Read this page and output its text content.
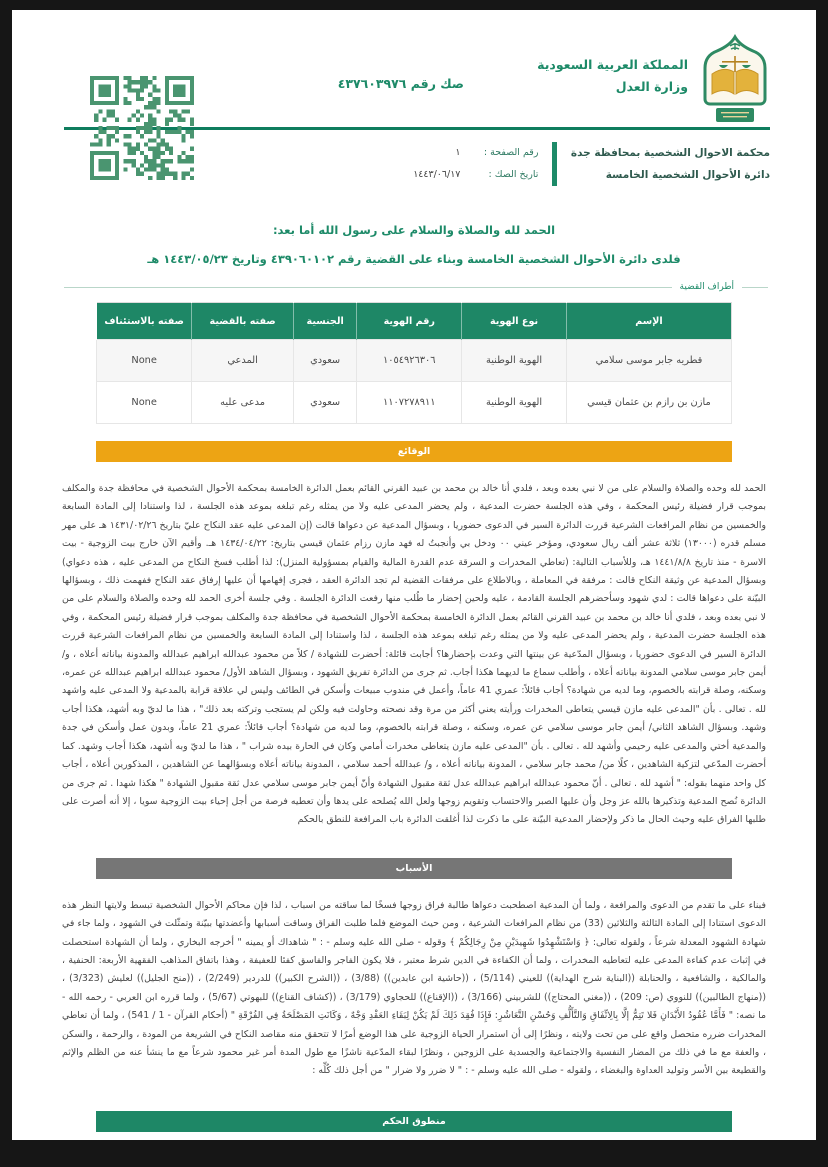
المملكة العربية السعودية
وزارة العدل
صك رقم ٤٣٧٦٠٣٩٧٦
محكمة الاحوال الشخصية بمحافظة جدة
دائرة الأحوال الشخصية الخامسة
رقم الصفحة :
١
تاريخ الصك :
١٤٤٣/٠٦/١٧
الحمد لله والصلاة والسلام على رسول الله أما بعد:
فلدى دائرة الأحوال الشخصية الخامسة وبناء على القضية رقم ٤٣٩٠٦٠١٠٢ وتاريخ ١٤٤٣/٠٥/٢٣ هـ
أطراف القضية
الإسم	نوع الهوية	رقم الهوية	الجنسية	صفته بالقضية	صفته بالاستئناف
قطريه جابر موسى سلامي	الهوية الوطنية	١٠٥٤٩٢٦٣٠٦	سعودي	المدعي	None
مازن بن رازم بن عثمان قيسي	الهوية الوطنية	١١٠٧٢٧٨٩١١	سعودي	مدعى عليه	None
الوقائع
الحمد لله وحده والصلاة والسلام على من لا نبي بعده وبعد ، فلدي أنا خالد بن محمد بن عبيد القرني القائم بعمل الدائرة الخامسة بمحكمة الأحوال الشخصية في محافظة جدة والمكلف بموجب قرار فضيلة رئيس المحكمة ، وفي هذه الجلسة حضرت المدعية ، ولم يحضر المدعى عليه ولا من يمثله رغم تبلغه بموعد هذه الجلسة ، لذا واستنادا إلى المادة السابعة والخمسين من نظام المرافعات الشرعية قررت الدائرة السير في الدعوى حضوريا ، وبسؤال المدعية عن دعواها قالت (إن المدعى عليه عقد النكاح عليّ بتاريخ ١٤٣١/٠٢/٢٦ هـ على مهر مسلم قدره (١٣٠٠٠) ثلاثة عشر ألف ريال سعودي، ومؤخر عيني ٠٠ ودخل بي وأنجبتُ له فهد مازن رزام عثمان قيسي بتاريخ: ١٤٣٤/٠٤/٢٢ هـ. وأقيم الآن خارج بيت الزوجية - بيت الاسرة - منذ تاريخ ١٤٤١/٨/٨ هـ، وللأسباب التالية: (تعاطي المخدرات و السرقة عدم القدرة المالية والقيام بمسؤولية المنزل): لذا أطلب فسخ النكاح من المدعى عليه ، هذه دعواي) وبسؤال المدعية عن وثيقة النكاح قالت : مرفقة في المعاملة ، وبالاطلاع على مرفقات القضية لم تجد الدائرة العقد ، فجرى إفهامها أن عليها إرفاق عقد النكاح ففهمت ذلك ، وبسؤالها البيّنة على دعواها قالت : لدي شهود وسأحضرهم الجلسة القادمة ، عليه ولحين إحضار ما طُلب منها رفعت الدائرة الجلسة . وفي جلسة أخرى الحمد لله وحده والصلاة والسلام على من لا نبي بعده وبعد ، فلدي أنا خالد بن محمد بن عبيد القرني القائم بعمل الدائرة الخامسة بمحكمة الأحوال الشخصية في محافظة جدة والمكلف بموجب قرار فضيلة رئيس المحكمة ، وفي هذه الجلسة حضرت المدعية ، ولم يحضر المدعى عليه ولا من يمثله رغم تبلغه بموعد هذه الجلسة ، لذا واستنادا إلى المادة السابعة والخمسين من نظام المرافعات الشرعية قررت الدائرة السير في الدعوى حضوريا ، وبسؤال المدّعية عن بينتها التي وعدت بإحضارها؟ أجابت قائلة: أحضرت للشهادة / كلاً من محمود عبدالله ابراهيم عبدالله والمدونة بياناته أعلاه ، و/ أيمن جابر موسى سلامي المدونة بياناته أعلاه ، وأطلب سماع ما لديهما هكذا أجاب. ثم جرى من الدائرة تفريق الشهود ، وبسؤال الشاهد الأول/ محمود عبدالله ابراهيم عبدالله عن عمره، وسكنه، وصلة قرابته بالخصوم، وما لديه من شهادة؟ أجاب قائلاً: عمري 41 عاماً، وأعمل في مندوب مبيعات وأسكن في الطائف وليس لي علاقة قرابة بالمدعية ولا المدعى عليه واشهد لله . تعالى . بأن "المدعى عليه مازن قيسي يتعاطى المخدرات ورأيته يعني أكثر من مرة وقد نصحته وحاولت فيه ولكن لم يستجب وتركته بعد ذلك" ، هذا ما لديّ وبه أشهد، هكذا أجاب وشهد. وبسؤال الشاهد الثاني/ أيمن جابر موسى سلامي عن عمره، وسكنه ، وصلة قرابته بالخصوم، وما لديه من شهادة؟ أجاب قائلاً: عمري 21 عاماً، وبدون عمل وأسكن في جدة والمدعية أختي والمدعى عليه رحيمي وأشهد لله . تعالى . بأن "المدعى عليه مازن يتعاطى مخدرات أمامي وكان في الحارة بيده شراب " ، هذا ما لديّ وبه أشهد، هكذا أجاب وشهد. كما أحضرت المدّعي لتزكية الشاهدين ، كلًا من/ محمد جابر سلامي ، المدونة بياناته أعلاه ، و/ عبدالله أحمد سلامي ، المدونة بياناته أعلاه وبسؤالهما عن الشاهدين ، المذكورين أعلاه ، أجاب كل واحد منهما بقوله: " أشهد لله . تعالى . أنّ محمود عبدالله ابراهيم عبدالله عدل ثقة مقبول الشهادة وأنّ أيمن جابر موسى سلامي عدل ثقة مقبول الشهادة " هكذا شهدا . ثم جرى من الدائرة نُصح المدعية وتذكيرها بالله عز وجل وأن عليها الصبر والاحتساب وتقويم زوجها ولعل الله يُصلحه على يدها وأن تعطيه فرصة من أجل إحياء بيت الزوجية سويا ، إلا أنه أصرت على طلبها الفراق عليه وحيث الحال ما ذكر ولإحضار المدعية البيّنة على ما ذكرت لذا أغلقت الدائرة باب المرافعة للنطق بالحكم
الأسباب
فبناء على ما تقدم من الدعوى والمرافعة ، ولما أن المدعية اصطحبت دعواها طالبة فراق زوجها فسخًا لما ساقته من اسباب ، لذا فإن محاكم الأحوال الشخصية تبسط ولايتها النظر هذه الدعوى استنادا إلى المادة الثالثة والثلاثين (33) من نظام المرافعات الشرعية ، ومن حيث الموضع فلما طلبت الفراق وساقت أسبابها وأعضدتها ببيّنة وتمثّلت في الشهود ، ولما جاء في شهادة الشهود المعدلة شرعاً ، ولقوله تعالى: ﴿ وَاسْتَشْهِدُوا شَهِيدَيْنِ مِنْ رِجَالِكُمْ ﴾ وقوله - صلى الله عليه وسلم - : " شاهداك أو يمينه " أخرجه البخاري ، ولما أن الشهادة استحصلت في إثبات عدم كفاءة المدعى عليه لتعاطيه المخدرات ، ولما أن الكفاءة في الدين شرط معتبر ، فلا يكون الفاجر والفاسق كفئا للعفيفة ، وهذا باتفاق المذاهب الفقهية الأربعة: الحنفية ، والمالكية ، والشافعية ، والحنابلة ((البناية شرح الهداية)) للعيني (5/114) ، ((حاشية ابن عابدين)) (3/88) ، ((الشرح الكبير)) للدردير (2/249) ، ((منح الجليل)) لعليش (3/323) ، ((منهاج الطالبين)) للنووي (ص: 209) ، ((مغني المحتاج)) للشربيني (3/166) ، ((الإقناع)) للحجاوي (3/179) ، ((كشاف القناع)) للبهوتي (5/67) ، ولما قرره ابن العربي - رحمه الله - ما نصه: " فَأَمَّا عُقُودُ الأَبْدَانِ فَلا تَتِمُّ إلَّا بِالِاتِّفَاقِ وَالتَّأَلُّفِ وَحُسْنِ التَّعَاشُرِ: فَإِذَا فُقِدَ ذَلِكَ لَمْ يَكُنْ لِبَقَاءِ العَقْدِ وَجْهٌ ، وَكَانَتِ المَصْلَحَةُ فِي الفُرْقَةِ " (أحكام القرآن - 1 / 541) ، ولما أن تعاطي المخدرات ضرره متحصل واقع على من تحت ولايته ، ونظرًا إلى أن استمرار الحياة الزوجية على هذا الوضع أمرًا لا تتحقق منه مقاصد النكاح في الشريعة من المودة ، والرحمة ، والسكن ، والعفة مع ما في ذلك من المضار النفسية والاجتماعية والجسدية على الزوجين ، ونظرًا لبقاء المدّعية ناشزًا مع طول المدة أمر غير محمود شرعاً مع ما ينشأ عنه من الظلم والإثم والقطيعة بين الأسر وتوليد العداوة والبغضاء ، ولقوله - صلى الله عليه وسلم - : " لا ضرر ولا ضرار " من أجل ذلك كُلِّه :
منطوق الحكم
